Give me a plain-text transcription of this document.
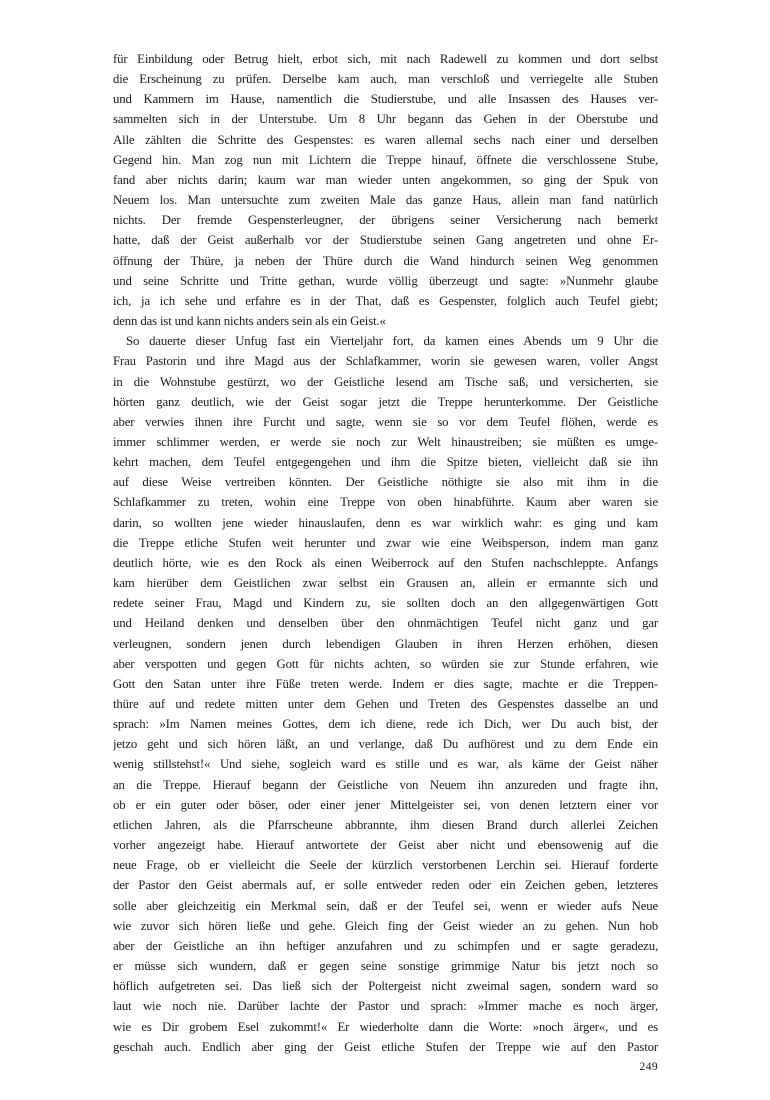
für Einbildung oder Betrug hielt, erbot sich, mit nach Radewell zu kommen und dort selbst
die Erscheinung zu prüfen. Derselbe kam auch, man verschloß und verriegelte alle Stuben
und Kammern im Hause, namentlich die Studierstube, und alle Insassen des Hauses ver-
sammelten sich in der Unterstube. Um 8 Uhr begann das Gehen in der Oberstube und
Alle zählten die Schritte des Gespenstes: es waren allemal sechs nach einer und derselben
Gegend hin. Man zog nun mit Lichtern die Treppe hinauf, öffnete die verschlossene Stube,
fand aber nichts darin; kaum war man wieder unten angekommen, so ging der Spuk von
Neuem los. Man untersuchte zum zweiten Male das ganze Haus, allein man fand natürlich
nichts. Der fremde Gespensterleugner, der übrigens seiner Versicherung nach bemerkt
hatte, daß der Geist außerhalb vor der Studierstube seinen Gang angetreten und ohne Er-
öffnung der Thüre, ja neben der Thüre durch die Wand hindurch seinen Weg genommen
und seine Schritte und Tritte gethan, wurde völlig überzeugt und sagte: »Nunmehr glaube
ich, ja ich sehe und erfahre es in der That, daß es Gespenster, folglich auch Teufel giebt;
denn das ist und kann nichts anders sein als ein Geist.«
So dauerte dieser Unfug fast ein Vierteljahr fort, da kamen eines Abends um 9 Uhr die
Frau Pastorin und ihre Magd aus der Schlafkammer, worin sie gewesen waren, voller Angst
in die Wohnstube gestürzt, wo der Geistliche lesend am Tische saß, und versicherten, sie
hörten ganz deutlich, wie der Geist sogar jetzt die Treppe herunterkomme. Der Geistliche
aber verwies ihnen ihre Furcht und sagte, wenn sie so vor dem Teufel flöhen, werde es
immer schlimmer werden, er werde sie noch zur Welt hinaustreiben; sie müßten es umge-
kehrt machen, dem Teufel entgegengehen und ihm die Spitze bieten, vielleicht daß sie ihn
auf diese Weise vertreiben könnten. Der Geistliche nöthigte sie also mit ihm in die
Schlafkammer zu treten, wohin eine Treppe von oben hinabführte. Kaum aber waren sie
darin, so wollten jene wieder hinauslaufen, denn es war wirklich wahr: es ging und kam
die Treppe etliche Stufen weit herunter und zwar wie eine Weibsperson, indem man ganz
deutlich hörte, wie es den Rock als einen Weiberrock auf den Stufen nachschleppte. Anfangs
kam hierüber dem Geistlichen zwar selbst ein Grausen an, allein er ermannte sich und
redete seiner Frau, Magd und Kindern zu, sie sollten doch an den allgegenwärtigen Gott
und Heiland denken und denselben über den ohnmächtigen Teufel nicht ganz und gar
verleugnen, sondern jenen durch lebendigen Glauben in ihren Herzen erhöhen, diesen
aber verspotten und gegen Gott für nichts achten, so würden sie zur Stunde erfahren, wie
Gott den Satan unter ihre Füße treten werde. Indem er dies sagte, machte er die Treppen-
thüre auf und redete mitten unter dem Gehen und Treten des Gespenstes dasselbe an und
sprach: »Im Namen meines Gottes, dem ich diene, rede ich Dich, wer Du auch bist, der
jetzo geht und sich hören läßt, an und verlange, daß Du aufhörest und zu dem Ende ein
wenig stillstehst!« Und siehe, sogleich ward es stille und es war, als käme der Geist näher
an die Treppe. Hierauf begann der Geistliche von Neuem ihn anzureden und fragte ihn,
ob er ein guter oder böser, oder einer jener Mittelgeister sei, von denen letztern einer vor
etlichen Jahren, als die Pfarrscheune abbrannte, ihm diesen Brand durch allerlei Zeichen
vorher angezeigt habe. Hierauf antwortete der Geist aber nicht und ebensowenig auf die
neue Frage, ob er vielleicht die Seele der kürzlich verstorbenen Lerchin sei. Hierauf forderte
der Pastor den Geist abermals auf, er solle entweder reden oder ein Zeichen geben, letzteres
solle aber gleichzeitig ein Merkmal sein, daß er der Teufel sei, wenn er wieder aufs Neue
wie zuvor sich hören ließe und gehe. Gleich fing der Geist wieder an zu gehen. Nun hob
aber der Geistliche an ihn heftiger anzufahren und zu schimpfen und er sagte geradezu,
er müsse sich wundern, daß er gegen seine sonstige grimmige Natur bis jetzt noch so
höflich aufgetreten sei. Das ließ sich der Poltergeist nicht zweimal sagen, sondern ward so
laut wie noch nie. Darüber lachte der Pastor und sprach: »Immer mache es noch ärger,
wie es Dir grobem Esel zukommt!« Er wiederholte dann die Worte: »noch ärger«, und es
geschah auch. Endlich aber ging der Geist etliche Stufen der Treppe wie auf den Pastor
249
